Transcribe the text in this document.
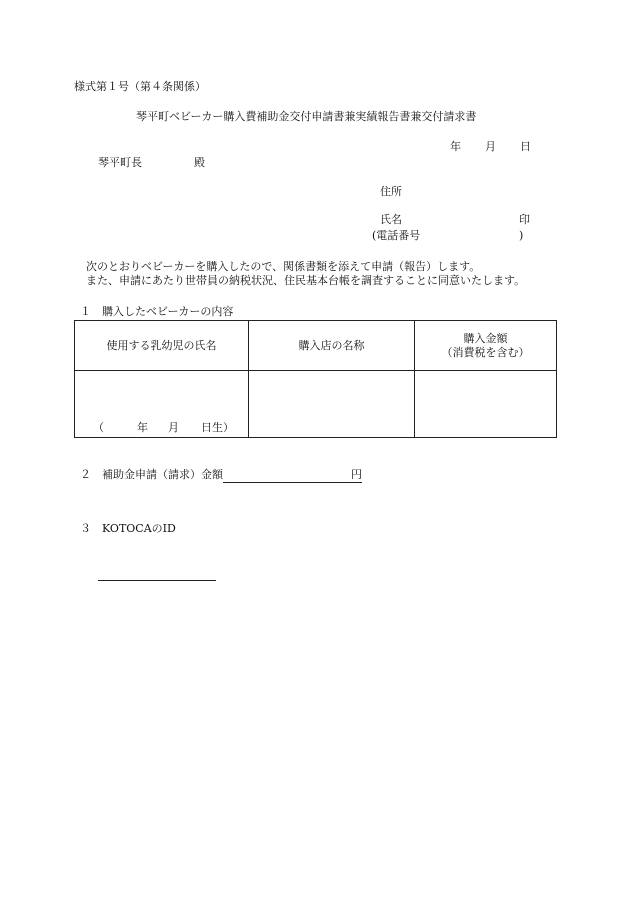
様式第１号（第４条関係）
琴平町ベビーカー購入費補助金交付申請書兼実績報告書兼交付請求書
年 月 日
琴平町長	殿
住所
氏名	印
(電話番号	)
次のとおりベビーカーを購入したので、関係書類を添えて申請（報告）します。
また、申請にあたり世帯員の納税状況、住民基本台帳を調査することに同意いたします。
１　購入したベビーカーの内容
使用する乳幼児の氏名	購入店の名称	購入金額
（消費税を含む）

（ 年 月 日生）		

２　補助金申請（請求）金額	円
３　KOTOCAのID
